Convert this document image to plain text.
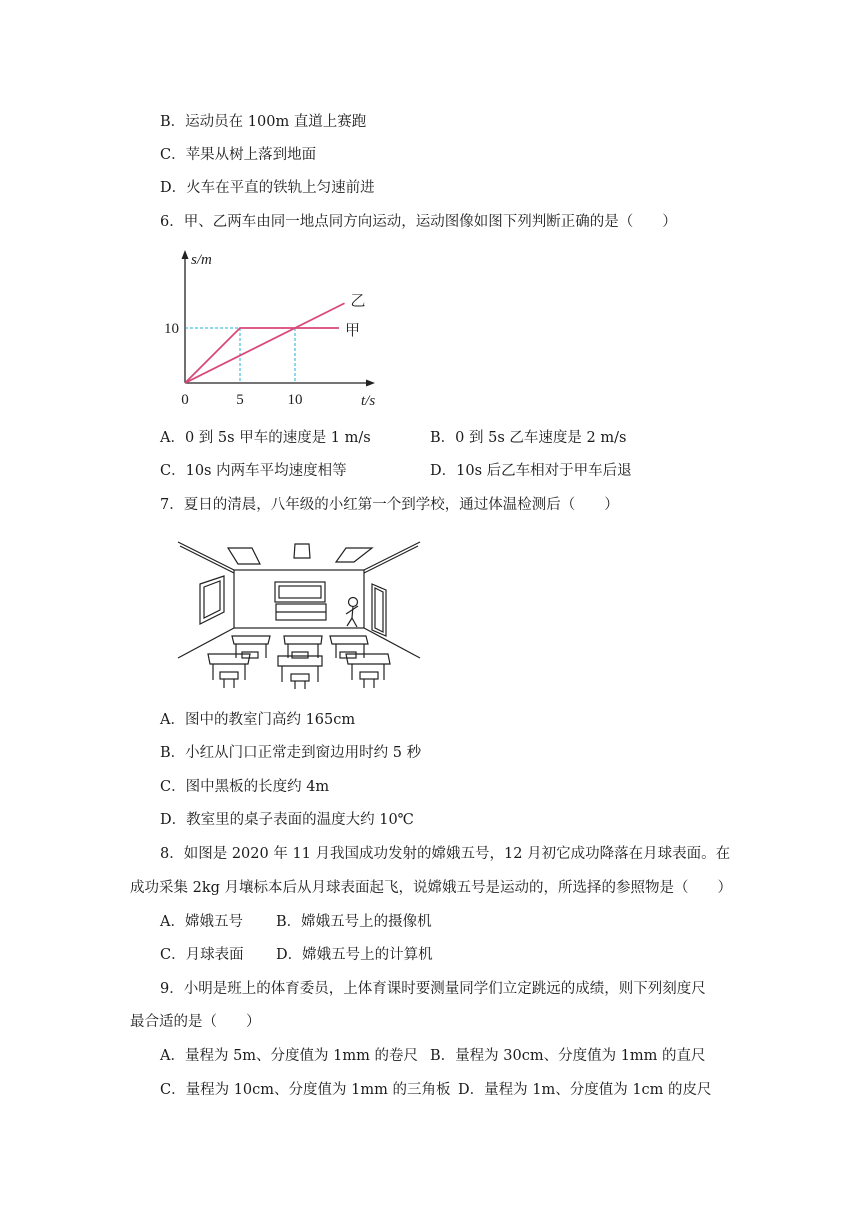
B．运动员在 100m 直道上赛跑
C．苹果从树上落到地面
D．火车在平直的铁轨上匀速前进
6．甲、乙两车由同一地点同方向运动，运动图像如图下列判断正确的是（　　）
甲
乙
0	5	10
10
t/s
s/m
A．0 到 5s 甲车的速度是 1 m/s	B．0 到 5s 乙车速度是 2 m/s
C．10s 内两车平均速度相等	D．10s 后乙车相对于甲车后退
7．夏日的清晨，八年级的小红第一个到学校，通过体温检测后（　　）
A．图中的教室门高约 165cm
B．小红从门口正常走到窗边用时约 5 秒
C．图中黑板的长度约 4m
D．教室里的桌子表面的温度大约 10℃
8．如图是 2020 年 11 月我国成功发射的嫦娥五号，12 月初它成功降落在月球表面。在
成功采集 2kg 月壤标本后从月球表面起飞，说嫦娥五号是运动的，所选择的参照物是（　　）
A．嫦娥五号 B．嫦娥五号上的摄像机
C．月球表面 D．嫦娥五号上的计算机
9．小明是班上的体育委员，上体育课时要测量同学们立定跳远的成绩，则下列刻度尺
最合适的是（　　）
A．量程为 5m、分度值为 1mm 的卷尺 B．量程为 30cm、分度值为 1mm 的直尺
C．量程为 10cm、分度值为 1mm 的三角板 D．量程为 1m、分度值为 1cm 的皮尺
